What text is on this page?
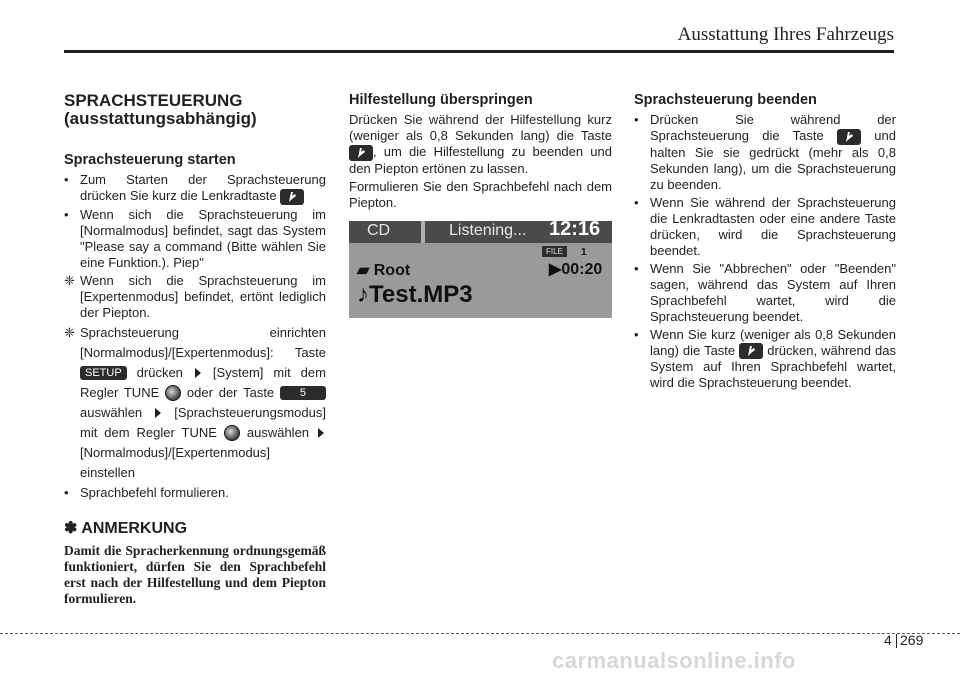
Ausstattung Ihres Fahrzeugs
SPRACHSTEUERUNG
(ausstattungsabhängig)
Sprachsteuerung starten
• Zum Starten der Sprachsteuerung drücken Sie kurz die Lenkradtaste
• Wenn sich die Sprachsteuerung im [Normalmodus] befindet, sagt das System "Please say a command (Bitte wählen Sie eine Funktion.). Piep"
❈ Wenn sich die Sprachsteuerung im [Expertenmodus] befindet, ertönt lediglich der Piepton.
❈ Sprachsteuerung einrichten [Normalmodus]/[Expertenmodus]: Taste SETUP drücken [System] mit dem Regler TUNE oder der Taste 5 auswählen [Sprachsteuerungsmodus] mit dem Regler TUNE auswählen  [Normalmodus]/[Expertenmodus] einstellen
• Sprachbefehl formulieren.
✽ ANMERKUNG
Damit die Spracherkennung ordnungsgemäß funktioniert, dürfen Sie den Sprachbefehl erst nach der Hilfestellung und dem Piepton formulieren.
Hilfestellung überspringen

Drücken Sie während der Hilfestellung kurz (weniger als 0,8 Sekunden lang) die Taste
, um die Hilfestellung zu beenden und den Piepton ertönen zu lassen.

Formulieren Sie den Sprachbefehl nach dem Piepton.

CD	Listening... 12:16
FILE	1
▰ Root	▶00:20
♪Test.MP3
Sprachsteuerung beenden
• Drücken Sie während der Sprachsteuerung die Taste	und halten Sie sie gedrückt (mehr als 0,8 Sekunden lang), um die Sprachsteuerung zu beenden.
• Wenn Sie während der Sprachsteuerung die Lenkradtasten oder eine andere Taste drücken, wird die Sprachsteuerung beendet.
• Wenn Sie "Abbrechen" oder "Beenden" sagen, während das System auf Ihren Sprachbefehl wartet, wird die Sprachsteuerung beendet.
• Wenn Sie kurz (weniger als 0,8 Sekunden lang) die Taste drücken, während das System auf Ihren Sprachbefehl wartet, wird die Sprachsteuerung beendet.
4 269
carmanualsonline.info
